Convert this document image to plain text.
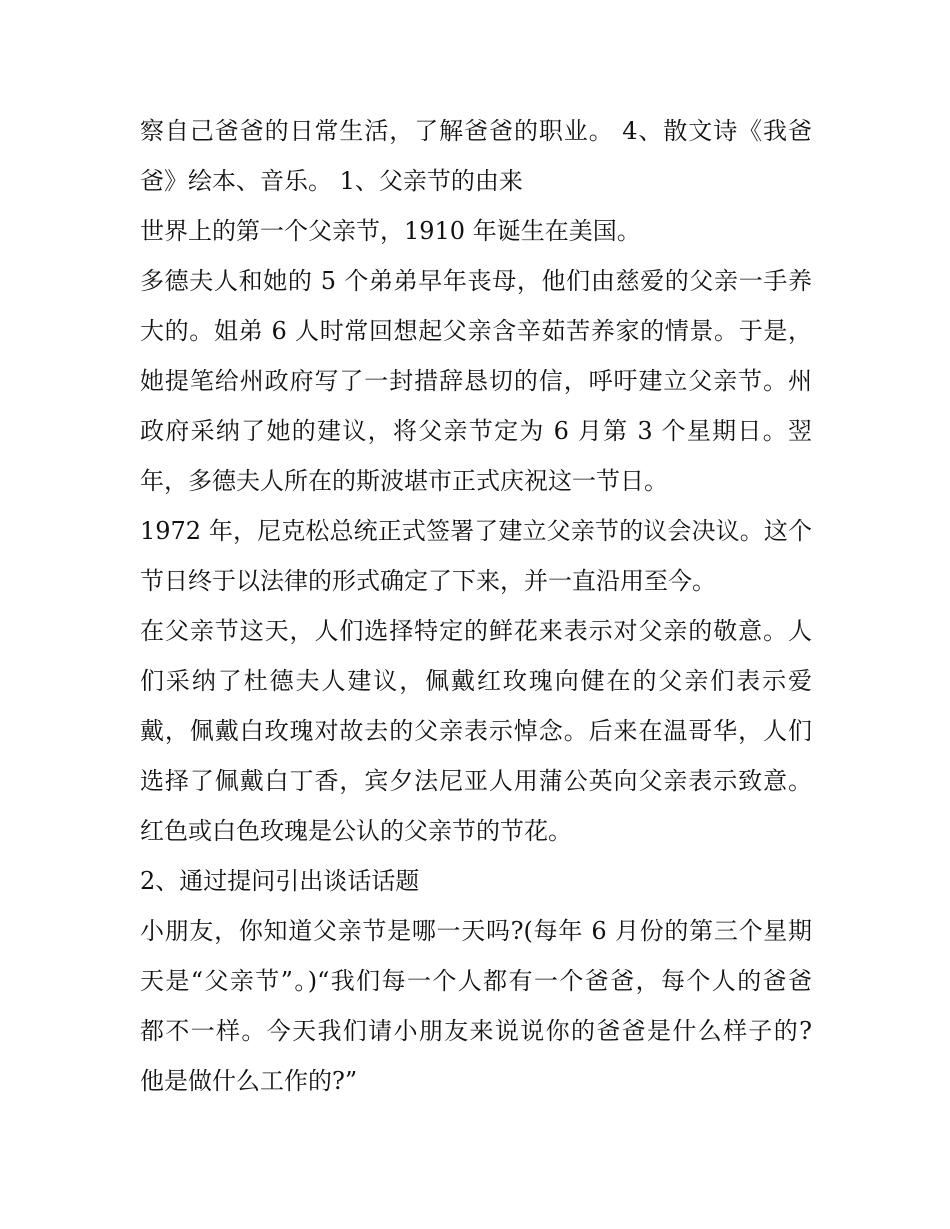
察自己爸爸的日常生活，了解爸爸的职业。 4、散文诗《我爸
爸》绘本、音乐。 1、父亲节的由来
世界上的第一个父亲节，1910 年诞生在美国。
多德夫人和她的 5 个弟弟早年丧母，他们由慈爱的父亲一手养
大的。姐弟 6 人时常回想起父亲含辛茹苦养家的情景。于是，
她提笔给州政府写了一封措辞恳切的信，呼吁建立父亲节。州
政府采纳了她的建议，将父亲节定为 6 月第 3 个星期日。翌
年，多德夫人所在的斯波堪市正式庆祝这一节日。
1972 年，尼克松总统正式签署了建立父亲节的议会决议。这个
节日终于以法律的形式确定了下来，并一直沿用至今。
在父亲节这天，人们选择特定的鲜花来表示对父亲的敬意。人
们采纳了杜德夫人建议，佩戴红玫瑰向健在的父亲们表示爱
戴，佩戴白玫瑰对故去的父亲表示悼念。后来在温哥华，人们
选择了佩戴白丁香，宾夕法尼亚人用蒲公英向父亲表示致意。
红色或白色玫瑰是公认的父亲节的节花。
2、通过提问引出谈话话题
小朋友，你知道父亲节是哪一天吗?(每年 6 月份的第三个星期
天是“父亲节”。)“我们每一个人都有一个爸爸，每个人的爸爸
都不一样。今天我们请小朋友来说说你的爸爸是什么样子的?
他是做什么工作的?”
